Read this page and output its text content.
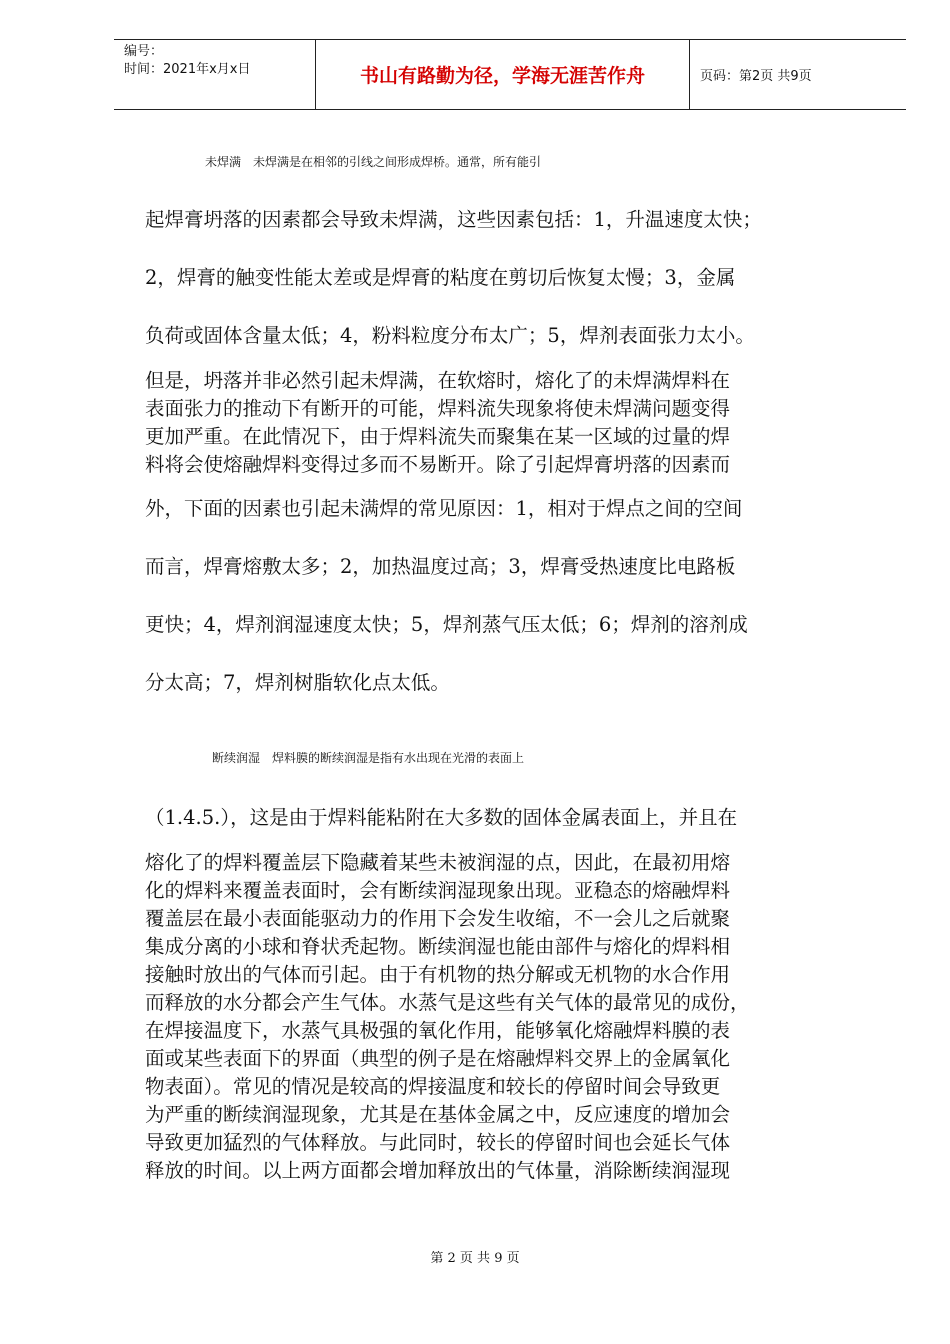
编号：
时间：2021年x月x日	书山有路勤为径，学海无涯苦作舟	页码：第2页 共9页
未焊满　未焊满是在相邻的引线之间形成焊桥。通常，所有能引
起焊膏坍落的因素都会导致未焊满，这些因素包括：1，升温速度太快；
2，焊膏的触变性能太差或是焊膏的粘度在剪切后恢复太慢；3，金属
负荷或固体含量太低；4，粉料粒度分布太广；5，焊剂表面张力太小。
但是，坍落并非必然引起未焊满，在软熔时，熔化了的未焊满焊料在
表面张力的推动下有断开的可能，焊料流失现象将使未焊满问题变得
更加严重。在此情况下，由于焊料流失而聚集在某一区域的过量的焊
料将会使熔融焊料变得过多而不易断开。除了引起焊膏坍落的因素而
外，下面的因素也引起未满焊的常见原因：1，相对于焊点之间的空间
而言，焊膏熔敷太多；2，加热温度过高；3，焊膏受热速度比电路板
更快；4，焊剂润湿速度太快；5，焊剂蒸气压太低；6；焊剂的溶剂成
分太高；7，焊剂树脂软化点太低。
断续润湿　焊料膜的断续润湿是指有水出现在光滑的表面上
（1.4.5.），这是由于焊料能粘附在大多数的固体金属表面上，并且在
熔化了的焊料覆盖层下隐藏着某些未被润湿的点，因此，在最初用熔
化的焊料来覆盖表面时，会有断续润湿现象出现。亚稳态的熔融焊料
覆盖层在最小表面能驱动力的作用下会发生收缩，不一会儿之后就聚
集成分离的小球和脊状秃起物。断续润湿也能由部件与熔化的焊料相
接触时放出的气体而引起。由于有机物的热分解或无机物的水合作用
而释放的水分都会产生气体。水蒸气是这些有关气体的最常见的成份，
在焊接温度下，水蒸气具极强的氧化作用，能够氧化熔融焊料膜的表
面或某些表面下的界面（典型的例子是在熔融焊料交界上的金属氧化
物表面）。常见的情况是较高的焊接温度和较长的停留时间会导致更
为严重的断续润湿现象，尤其是在基体金属之中，反应速度的增加会
导致更加猛烈的气体释放。与此同时，较长的停留时间也会延长气体
释放的时间。以上两方面都会增加释放出的气体量，消除断续润湿现
第 2 页 共 9 页
